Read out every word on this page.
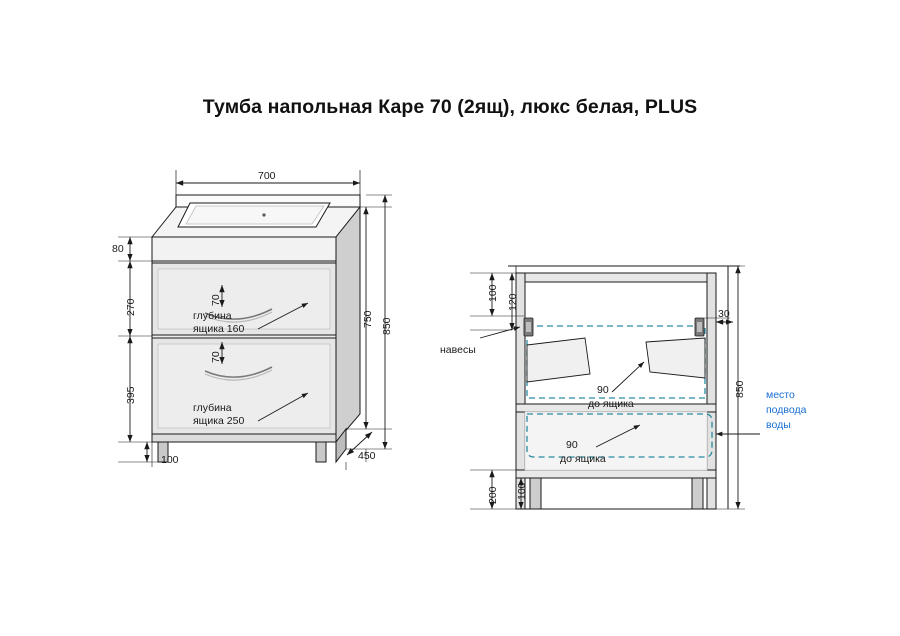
Тумба напольная Каре 70 (2ящ), люкс белая, PLUS
700
80
270
395
100
750 850
450
70
70
глубина
ящика 160
глубина
ящика 250
100
120
30
850
100
200
90
90
навесы
до ящика
до ящика
место
подвода
воды
